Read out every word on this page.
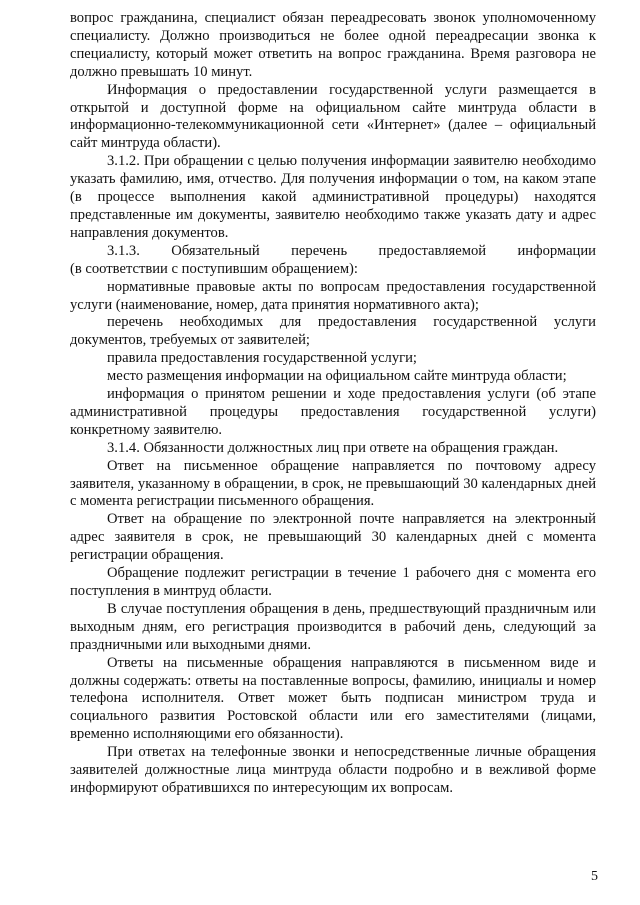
вопрос гражданина, специалист обязан переадресовать звонок уполномоченному специалисту. Должно производиться не более одной переадресации звонка к специалисту, который может ответить на вопрос гражданина. Время разговора не должно превышать 10 минут.

Информация о предоставлении государственной услуги размещается в открытой и доступной форме на официальном сайте минтруда области в информационно-телекоммуникационной сети «Интернет» (далее – официальный сайт минтруда области).

3.1.2. При обращении с целью получения информации заявителю необходимо указать фамилию, имя, отчество. Для получения информации о том, на каком этапе (в процессе выполнения какой административной процедуры) находятся представленные им документы, заявителю необходимо также указать дату и адрес направления документов.

3.1.3. Обязательный перечень предоставляемой информации

(в соответствии с поступившим обращением):

нормативные правовые акты по вопросам предоставления государственной услуги (наименование, номер, дата принятия нормативного акта);

перечень необходимых для предоставления государственной услуги документов, требуемых от заявителей;

правила предоставления государственной услуги;

место размещения информации на официальном сайте минтруда области;

информация о принятом решении и ходе предоставления услуги (об этапе административной процедуры предоставления государственной услуги) конкретному заявителю.

3.1.4. Обязанности должностных лиц при ответе на обращения граждан.

Ответ на письменное обращение направляется по почтовому адресу заявителя, указанному в обращении, в срок, не превышающий 30 календарных дней с момента регистрации письменного обращения.

Ответ на обращение по электронной почте направляется на электронный адрес заявителя в срок, не превышающий 30 календарных дней с момента регистрации обращения.

Обращение подлежит регистрации в течение 1 рабочего дня с момента его поступления в минтруд области.

В случае поступления обращения в день, предшествующий праздничным или выходным дням, его регистрация производится в рабочий день, следующий за праздничными или выходными днями.

Ответы на письменные обращения направляются в письменном виде и должны содержать: ответы на поставленные вопросы, фамилию, инициалы и номер телефона исполнителя. Ответ может быть подписан министром труда и социального развития Ростовской области или его заместителями (лицами, временно исполняющими его обязанности).

При ответах на телефонные звонки и непосредственные личные обращения заявителей должностные лица минтруда области подробно и в вежливой форме информируют обратившихся по интересующим их вопросам.

5
